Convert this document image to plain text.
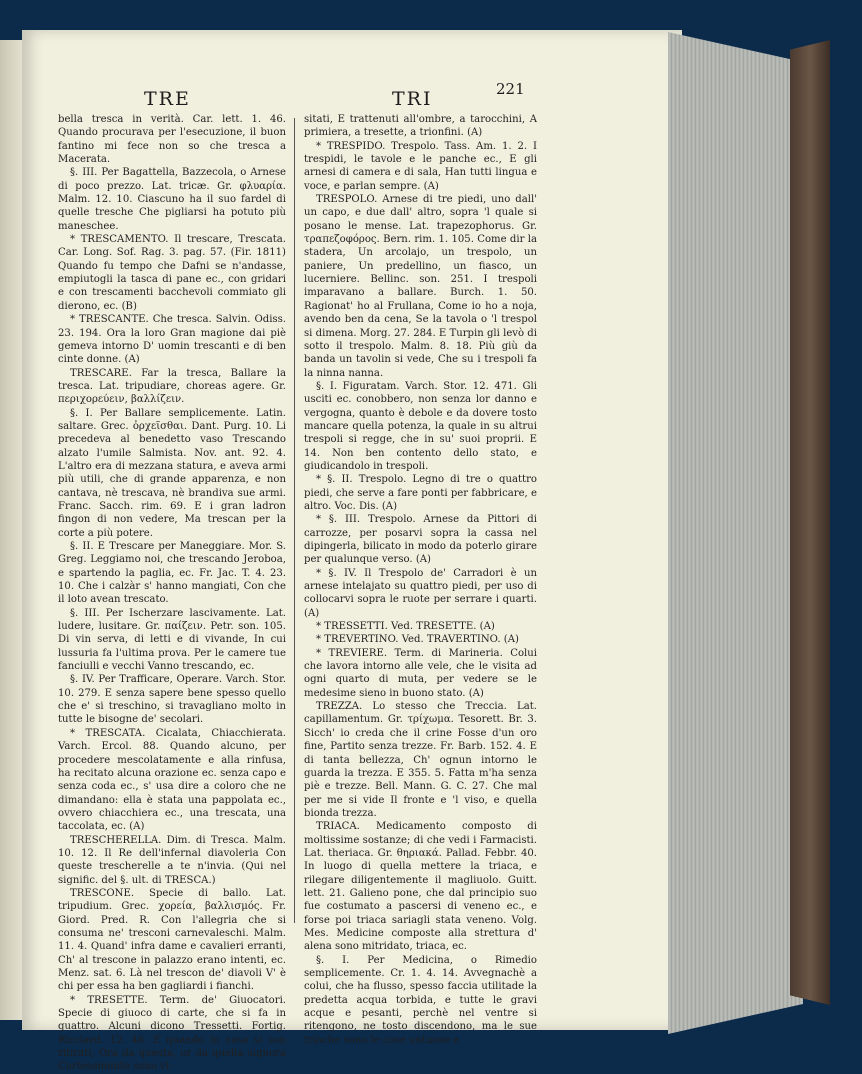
TRE	TRI	221

bella tresca in verità. Car. lett. 1. 46. Quando procurava per l'esecuzione, il buon fantino mi fece non so che tresca a Macerata.

§. III. Per Bagattella, Bazzecola, o Arnese di poco prezzo. Lat. tricæ. Gr. φλυαρία. Malm. 12. 10. Ciascuno ha il suo fardel di quelle tresche Che pigliarsi ha potuto più maneschee.

* TRESCAMENTO. Il trescare, Trescata. Car. Long. Sof. Rag. 3. pag. 57. (Fir. 1811) Quando fu tempo che Dafni se n'andasse, empiutogli la tasca di pane ec., con gridari e con trescamenti bacchevoli commiato gli dierono, ec. (B)

* TRESCANTE. Che tresca. Salvin. Odiss. 23. 194. Ora la loro Gran magione dai piè gemeva intorno D' uomin trescanti e di ben cinte donne. (A)

TRESCARE. Far la tresca, Ballare la tresca. Lat. tripudiare, choreas agere. Gr. περιχορεύειν, βαλλίζειν.

§. I. Per Ballare semplicemente. Latin. saltare. Grec. ὀρχεῖσθαι. Dant. Purg. 10. Li precedeva al benedetto vaso Trescando alzato l'umile Salmista. Nov. ant. 92. 4. L'altro era di mezzana statura, e aveva armi più utili, che di grande apparenza, e non cantava, nè trescava, nè brandiva sue armi. Franc. Sacch. rim. 69. E i gran ladron fingon di non vedere, Ma trescan per la corte a più potere.

§. II. E Trescare per Maneggiare. Mor. S. Greg. Leggiamo noi, che trescando Jeroboa, e spartendo la paglia, ec. Fr. Jac. T. 4. 23. 10. Che i calzàr s' hanno mangiati, Con che il loto avean trescato.

§. III. Per Ischerzare lascivamente. Lat. ludere, lusitare. Gr. παίζειν. Petr. son. 105. Di vin serva, di letti e di vivande, In cui lussuria fa l'ultima prova. Per le camere tue fanciulli e vecchi Vanno trescando, ec.

§. IV. Per Trafficare, Operare. Varch. Stor. 10. 279. E senza sapere bene spesso quello che e' si treschino, si travagliano molto in tutte le bisogne de' secolari.

* TRESCATA. Cicalata, Chiacchierata. Varch. Ercol. 88. Quando alcuno, per procedere mescolatamente e alla rinfusa, ha recitato alcuna orazione ec. senza capo e senza coda ec., s' usa dire a coloro che ne dimandano: ella è stata una pappolata ec., ovvero chiacchiera ec., una trescata, una taccolata, ec. (A)

TRESCHERELLA. Dim. di Tresca. Malm. 10. 12. Il Re dell'infernal diavoleria Con queste trescherelle a te n'invia. (Qui nel signific. del §. ult. di TRESCA.)

TRESCONE. Specie di ballo. Lat. tripudium. Grec. χορεία, βαλλισμός. Fr. Giord. Pred. R. Con l'allegria che si consuma ne' tresconi carnevaleschi. Malm. 11. 4. Quand' infra dame e cavalieri erranti, Ch' al trescone in palazzo erano intenti, ec. Menz. sat. 6. Là nel trescon de' diavoli V' è chi per essa ha ben gagliardi i fianchi.

* TRESETTE. Term. de' Giuocatori. Specie di giuoco di carte, che si fa in quattro. Alcuni dicono Tressetti. Fortig. Ricciard. 12. 46. E quando in casa si son ritirati, Ora da questa, or da quella signora Cortesemente sono vi-

sitati, E trattenuti all'ombre, a tarocchini, A primiera, a tresette, a trionfini. (A)

* TRESPIDO. Trespolo. Tass. Am. 1. 2. I trespidi, le tavole e le panche ec., E gli arnesi di camera e di sala, Han tutti lingua e voce, e parlan sempre. (A)

TRESPOLO. Arnese di tre piedi, uno dall' un capo, e due dall' altro, sopra 'l quale si posano le mense. Lat. trapezophorus. Gr. τραπεζοφόρος. Bern. rim. 1. 105. Come dir la stadera, Un arcolajo, un trespolo, un paniere, Un predellino, un fiasco, un lucerniere. Bellinc. son. 251. I trespoli imparavano a ballare. Burch. 1. 50. Ragionat' ho al Frullana, Come io ho a noja, avendo ben da cena, Se la tavola o 'l trespol si dimena. Morg. 27. 284. E Turpin gli levò di sotto il trespolo. Malm. 8. 18. Più giù da banda un tavolin si vede, Che su i trespoli fa la ninna nanna.

§. I. Figuratam. Varch. Stor. 12. 471. Gli usciti ec. conobbero, non senza lor danno e vergogna, quanto è debole e da dovere tosto mancare quella potenza, la quale in su altrui trespoli si regge, che in su' suoi proprii. E 14. Non ben contento dello stato, e giudicandolo in trespoli.

* §. II. Trespolo. Legno di tre o quattro piedi, che serve a fare ponti per fabbricare, e altro. Voc. Dis. (A)

* §. III. Trespolo. Arnese da Pittori di carrozze, per posarvi sopra la cassa nel dipingerla, bilicato in modo da poterlo girare per qualunque verso. (A)

* §. IV. Il Trespolo de' Carradori è un arnese intelajato su quattro piedi, per uso di collocarvi sopra le ruote per serrare i quarti. (A)

* TRESSETTI. Ved. TRESETTE. (A)

* TREVERTINO. Ved. TRAVERTINO. (A)

* TREVIERE. Term. di Marineria. Colui che lavora intorno alle vele, che le visita ad ogni quarto di muta, per vedere se le medesime sieno in buono stato. (A)

TREZZA. Lo stesso che Treccia. Lat. capillamentum. Gr. τρίχωμα. Tesorett. Br. 3. Sicch' io creda che il crine Fosse d'un oro fine, Partito senza trezze. Fr. Barb. 152. 4. E di tanta bellezza, Ch' ognun intorno le guarda la trezza. E 355. 5. Fatta m'ha senza piè e trezze. Bell. Mann. G. C. 27. Che mal per me si vide Il fronte e 'l viso, e quella bionda trezza.

TRIACA. Medicamento composto di moltissime sostanze; di che vedi i Farmacisti. Lat. theriaca. Gr. θηριακά. Pallad. Febbr. 40. In luogo di quella mettere la triaca, e rilegare diligentemente il magliuolo. Guitt. lett. 21. Galieno pone, che dal principio suo fue costumato a pascersi di veneno ec., e forse poi triaca sariagli stata veneno. Volg. Mes. Medicine composte alla strettura d' alena sono mitridato, triaca, ec.

§. I. Per Medicina, o Rimedio semplicemente. Cr. 1. 4. 14. Avvegnachè a colui, che ha flusso, spesso faccia utilitade la predetta acqua torbida, e tutte le gravi acque e pesanti, perchè nel ventre si ritengono, ne tosto discendono, ma le sue triache sono le cose untuose e
